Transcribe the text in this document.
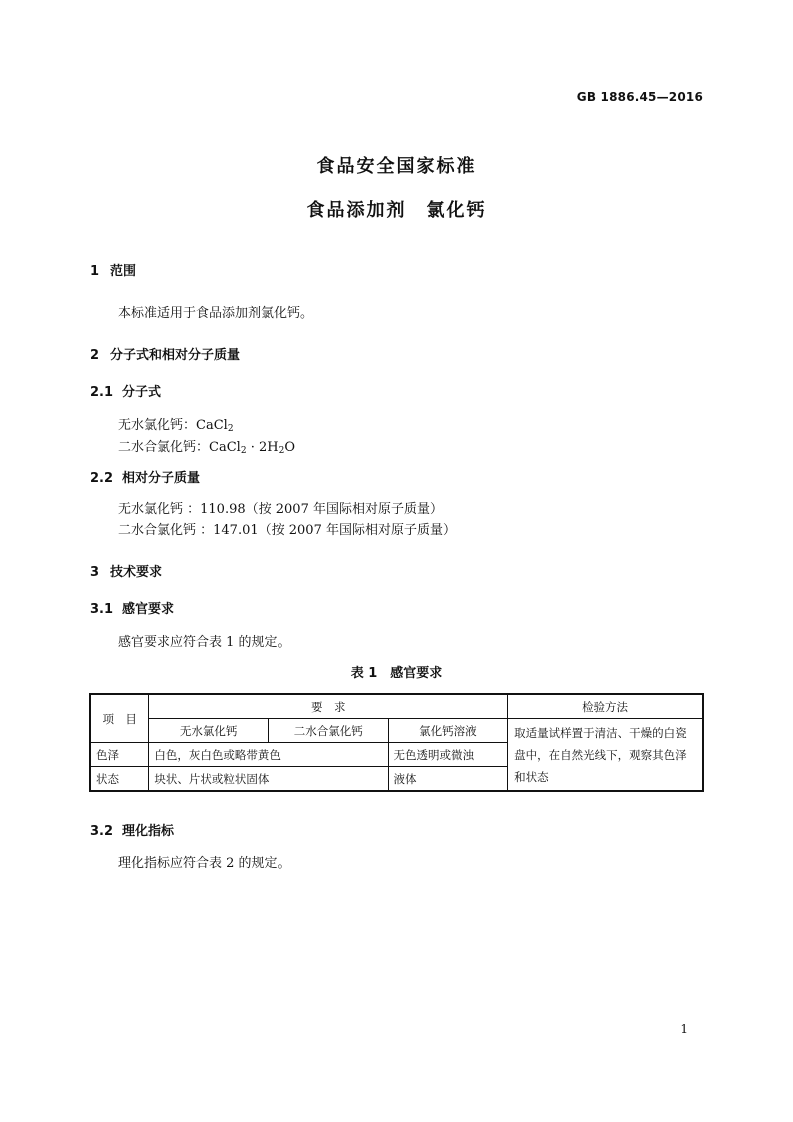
GB 1886.45—2016
食品安全国家标准
食品添加剂　氯化钙
1 范围
本标准适用于食品添加剂氯化钙。
2 分子式和相对分子质量
2.1 分子式
无水氯化钙：CaCl$_2$
二水合氯化钙：CaCl$_2$ · $2H_2O$
2.2 相对分子质量
无水氯化钙 ：110.98（按 2007 年国际相对原子质量）
二水合氯化钙 ：147.01（按 2007 年国际相对原子质量）
3 技术要求
3.1 感官要求
感官要求应符合表 1 的规定。
表 1　感官要求
项　目	要　求			检验方法
	无水氯化钙	二水合氯化钙	氯化钙溶液	取适量试样置于清洁、干燥的白瓷盘中，在自然光线下，观察其色泽和状态
色泽	白色，灰白色或略带黄色		无色透明或微浊	
状态	块状、片状或粒状固体		液体	
3.2 理化指标
理化指标应符合表 2 的规定。
1
